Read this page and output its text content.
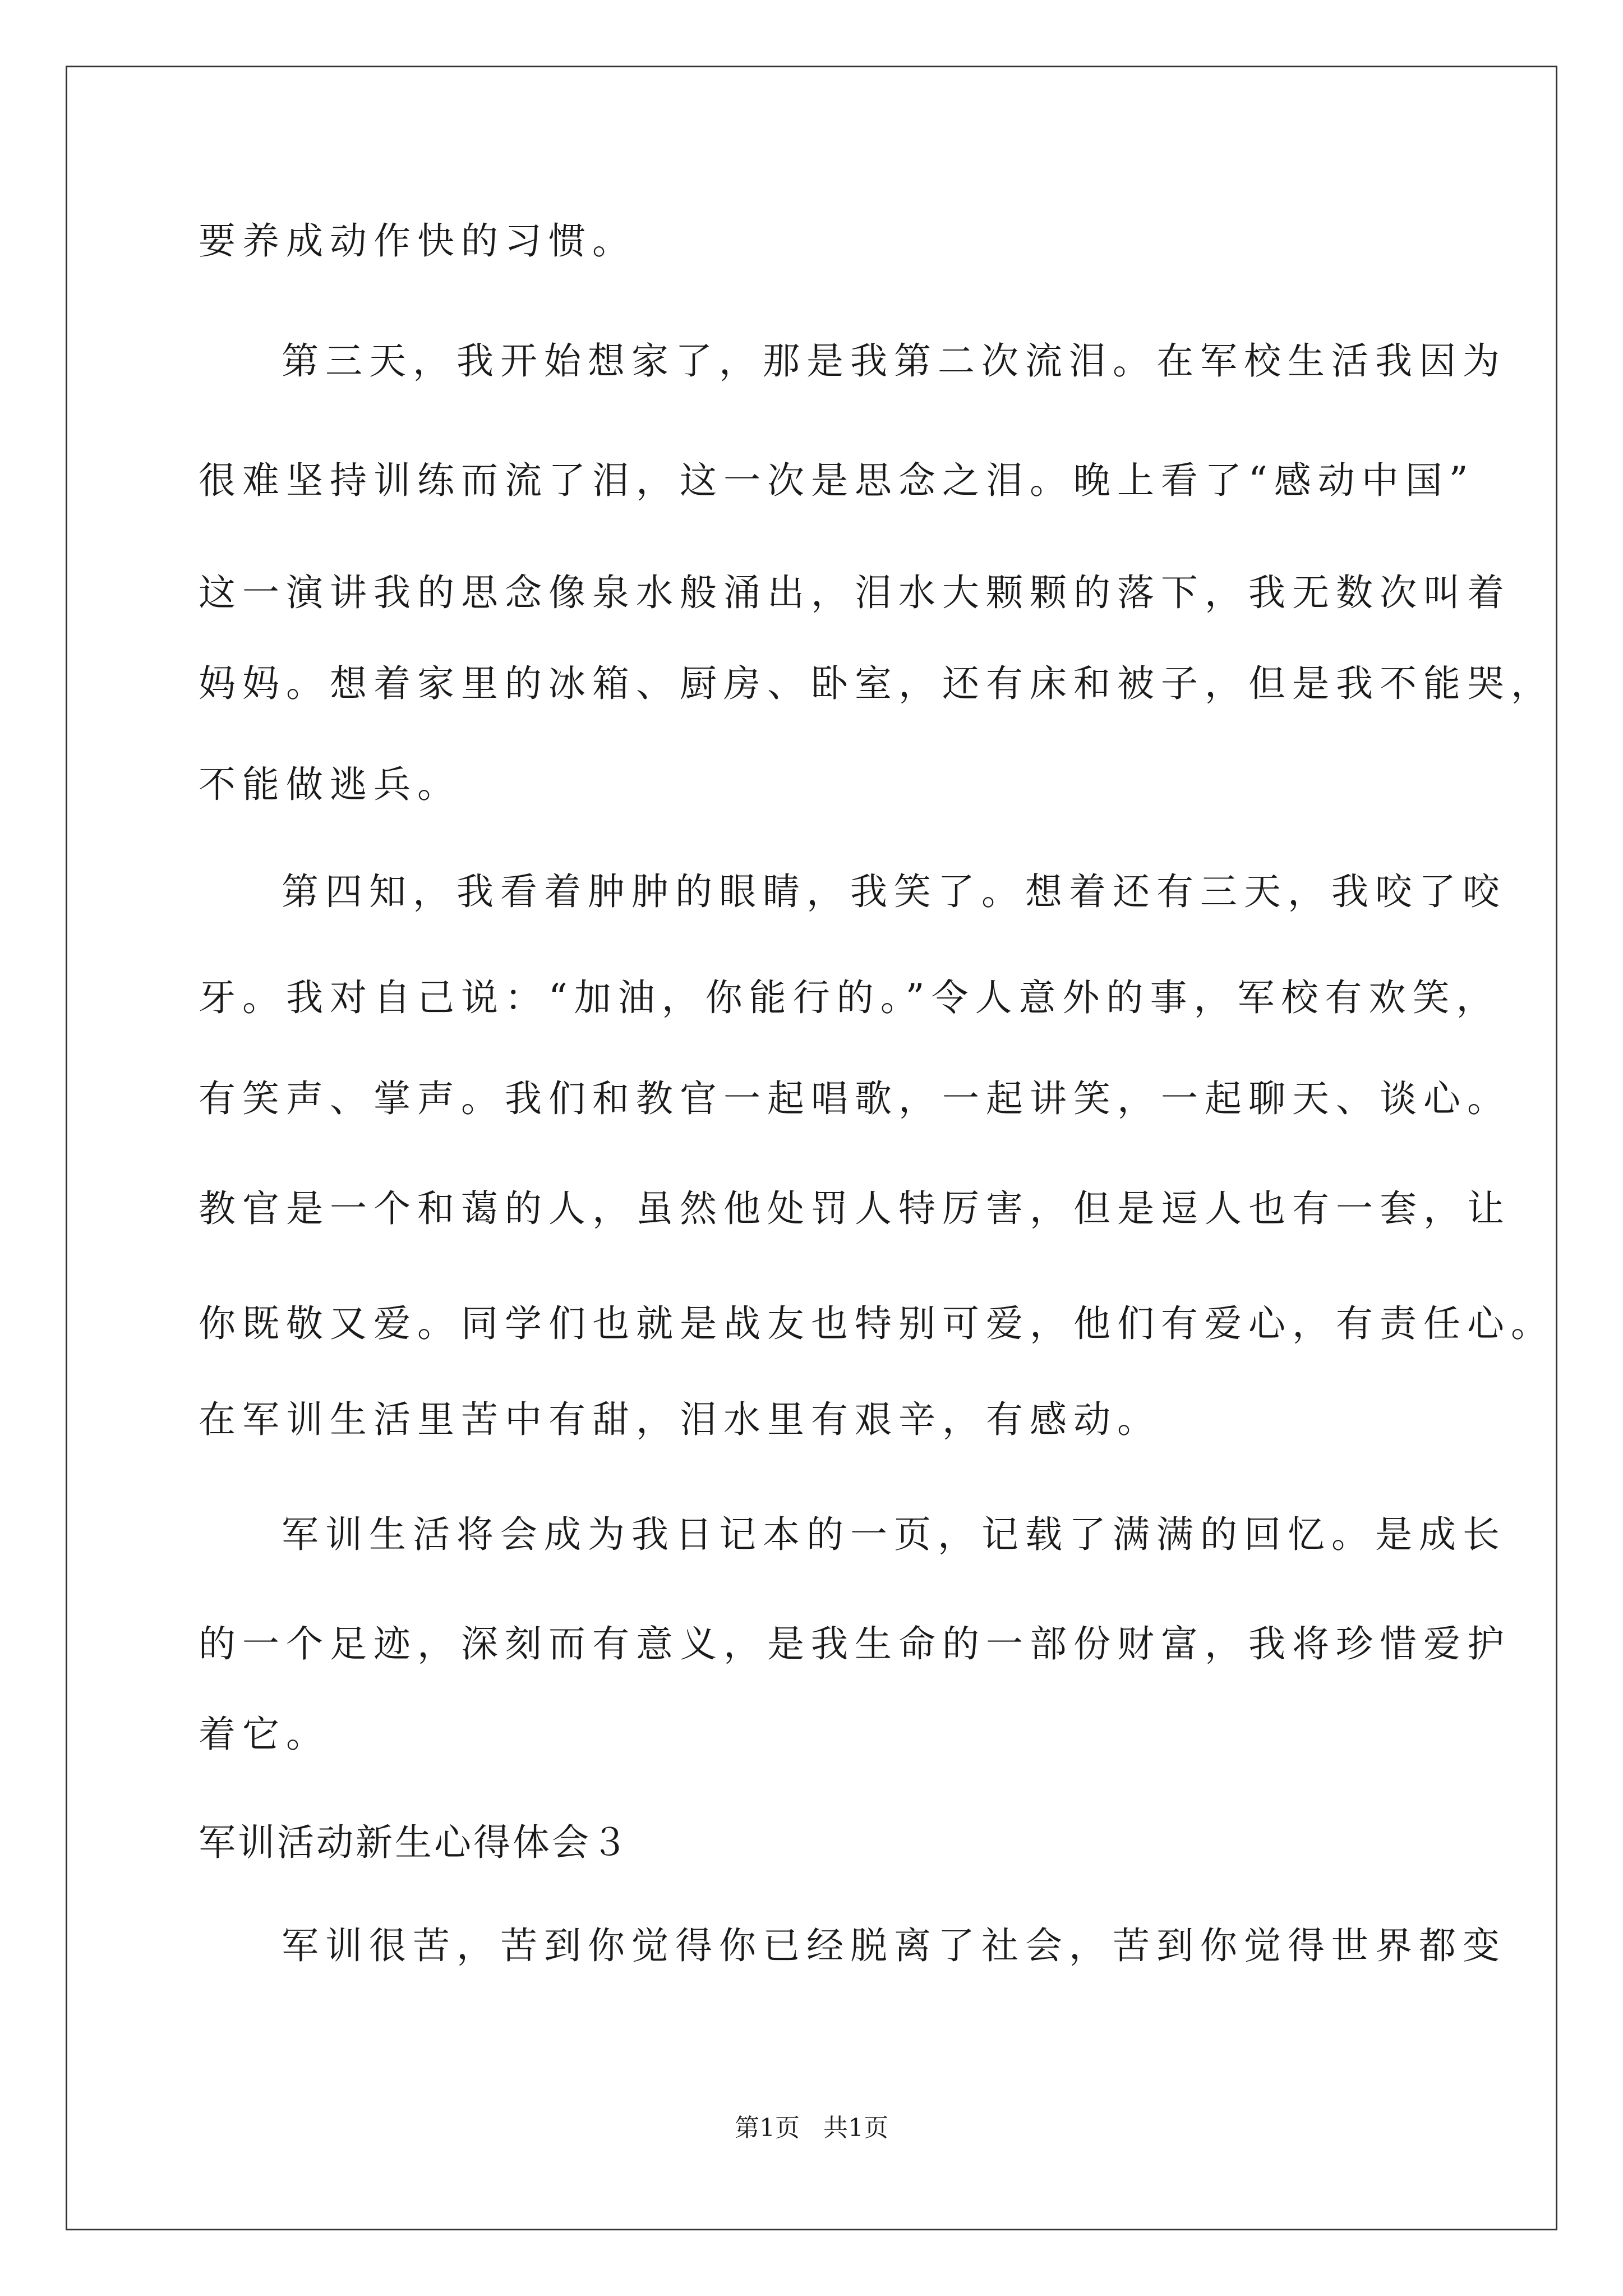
要养成动作快的习惯。
第三天，我开始想家了，那是我第二次流泪。在军校生活我因为
很难坚持训练而流了泪，这一次是思念之泪。晚上看了“感动中国”
这一演讲我的思念像泉水般涌出，泪水大颗颗的落下，我无数次叫着
妈妈。想着家里的冰箱、厨房、卧室，还有床和被子，但是我不能哭，
不能做逃兵。
第四知，我看着肿肿的眼睛，我笑了。想着还有三天，我咬了咬
牙。我对自己说：“加油，你能行的。”令人意外的事，军校有欢笑，
有笑声、掌声。我们和教官一起唱歌，一起讲笑，一起聊天、谈心。
教官是一个和蔼的人，虽然他处罚人特厉害，但是逗人也有一套，让
你既敬又爱。同学们也就是战友也特别可爱，他们有爱心，有责任心。
在军训生活里苦中有甜，泪水里有艰辛，有感动。
军训生活将会成为我日记本的一页，记载了满满的回忆。是成长
的一个足迹，深刻而有意义，是我生命的一部份财富，我将珍惜爱护
着它。
军训活动新生心得体会３
军训很苦，苦到你觉得你已经脱离了社会，苦到你觉得世界都变
第1页 共1页
